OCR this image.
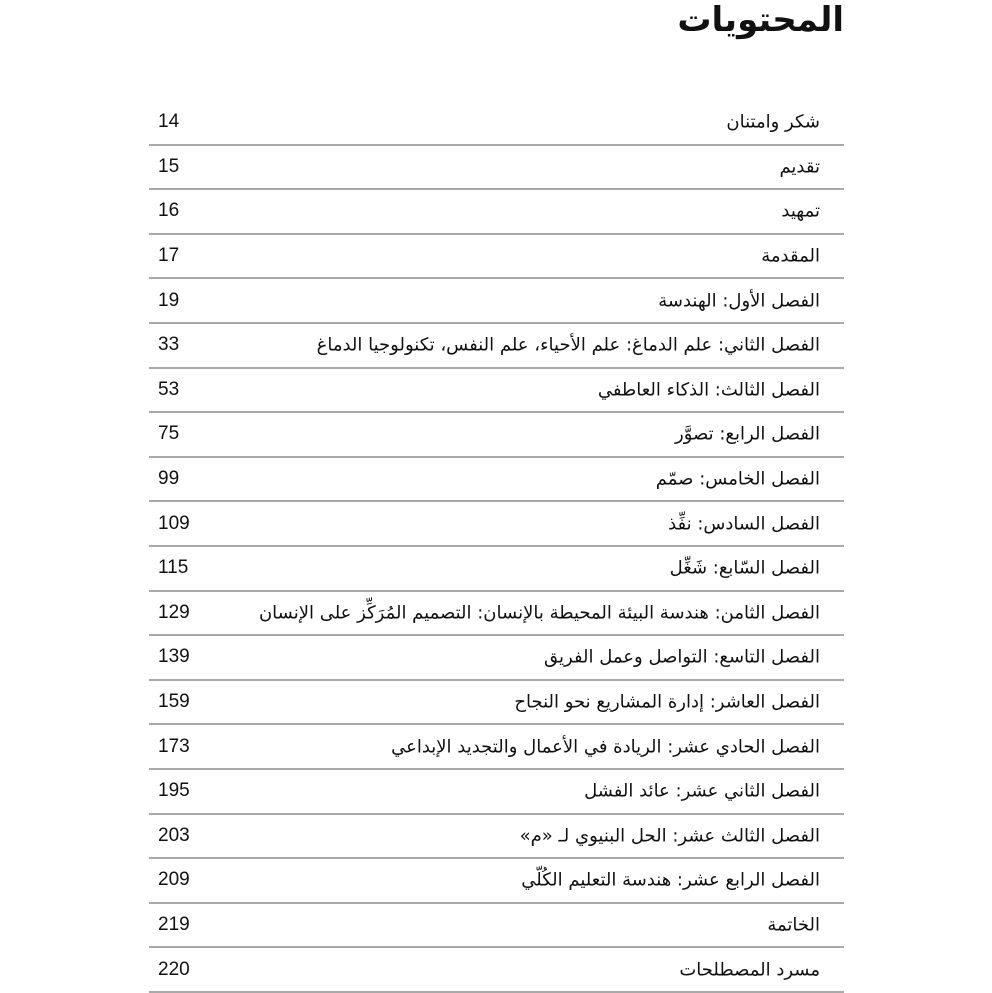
المحتويات
شكر وامتنان
14
تقديم
15
تمهيد
16
المقدمة
17
الفصل الأول: الهندسة
19
الفصل الثاني: علم الدماغ: علم الأحياء، علم النفس، تكنولوجيا الدماغ
33
الفصل الثالث: الذكاء العاطفي
53
الفصل الرابع: تصوَّر
75
الفصل الخامس: صمّم
99
الفصل السادس: نفِّذ
109
الفصل السّابع: شَغِّل
115
الفصل الثامن: هندسة البيئة المحيطة بالإنسان: التصميم المُرَكِّز على الإنسان
129
الفصل التاسع: التواصل وعمل الفريق
139
الفصل العاشر: إدارة المشاريع نحو النجاح
159
الفصل الحادي عشر: الريادة في الأعمال والتجديد الإبداعي
173
الفصل الثاني عشر: عائد الفشل
195
الفصل الثالث عشر: الحل البنيوي لـ «م»
203
الفصل الرابع عشر: هندسة التعليم الكُلّي
209
الخاتمة
219
مسرد المصطلحات
220
